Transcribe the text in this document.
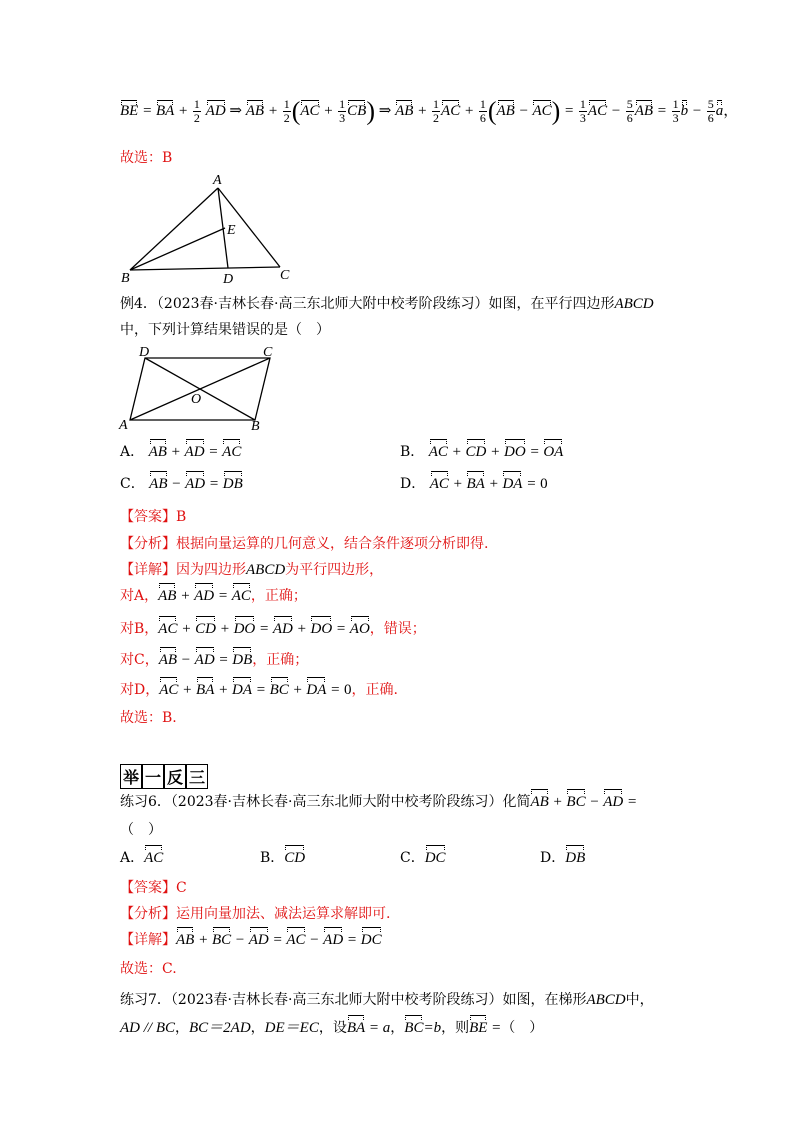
BE = BA + $\frac{1}{2}$ AD ⇒ AB + $\frac{1}{2} (AC + \frac{1}{3} CB)$ ⇒ AB + $\frac{1}{2}$ AC + $\frac{1}{6} (AB - AC) = \frac{1}{3}$ AC − $\frac{5}{6}$ AB = $\frac{1}{3}$ $b - \frac{5}{6}$ a，
故选：B
A
B	C
D
E
例4．（2023春·吉林长春·高三东北师大附中校考阶段练习）如图，在平行四边形ABCD
中，下列计算结果错误的是（　）
A	B
C
D
O
A． AB + AD = AC	B． AC + CD + DO = OA
C． AB − AD = DB	D． AC + BA + DA = 0
【答案】B
【分析】根据向量运算的几何意义，结合条件逐项分析即得.
【详解】因为四边形ABCD为平行四边形，
对A，AB + AD = AC，正确；
对B，AC + CD + DO = AD + DO = AO，错误；
对C，AB − AD = DB，正确；
对D，AC + BA + DA = BC + DA = 0，正确.
故选：B.
举 一 反 三
练习6．（2023春·吉林长春·高三东北师大附中校考阶段练习）化简AB + BC − AD =
（　）
A．AC	B．CD	C．DC	D．DB
【答案】C
【分析】运用向量加法、减法运算求解即可.
【详解】AB + BC − AD = AC − AD = DC
故选：C.
练习7．（2023春·吉林长春·高三东北师大附中校考阶段练习）如图，在梯形ABCD中，
AD // BC，BC＝2AD，DE＝EC，设BA = a，BC=b，则BE =（　）
